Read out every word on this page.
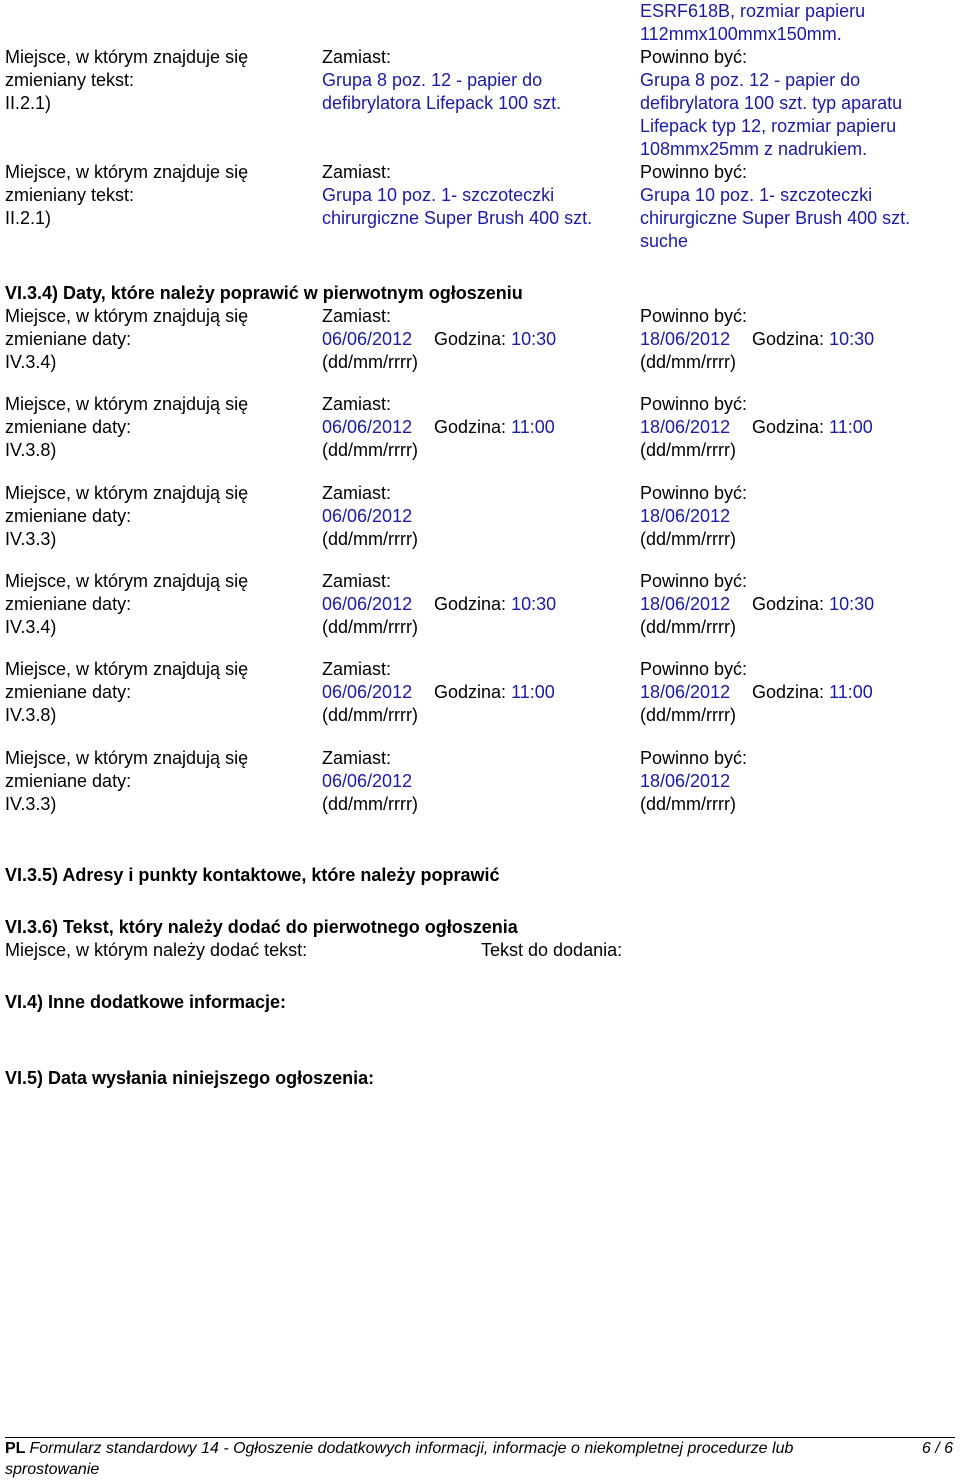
ESRF618B, rozmiar papieru
112mmx100mmx150mm.
Miejsce, w którym znajduje się
zmieniany tekst:
II.2.1)
Zamiast:
Grupa 8 poz. 12 - papier do
defibrylatora Lifepack 100 szt.
Powinno być:
Grupa 8 poz. 12 - papier do
defibrylatora 100 szt. typ aparatu
Lifepack typ 12, rozmiar papieru
108mmx25mm z nadrukiem.
Miejsce, w którym znajduje się
zmieniany tekst:
II.2.1)
Zamiast:
Grupa 10 poz. 1- szczoteczki
chirurgiczne Super Brush 400 szt.
Powinno być:
Grupa 10 poz. 1- szczoteczki
chirurgiczne Super Brush 400 szt.
suche
VI.3.4) Daty, które należy poprawić w pierwotnym ogłoszeniu
Miejsce, w którym znajdują się
zmieniane daty:
IV.3.4)
Zamiast:
06/06/2012 Godzina: 10:30
(dd/mm/rrrr)
Powinno być:
18/06/2012 Godzina: 10:30
(dd/mm/rrrr)
Miejsce, w którym znajdują się
zmieniane daty:
IV.3.8)
Zamiast:
06/06/2012 Godzina: 11:00
(dd/mm/rrrr)
Powinno być:
18/06/2012 Godzina: 11:00
(dd/mm/rrrr)
Miejsce, w którym znajdują się
zmieniane daty:
IV.3.3)
Zamiast:
06/06/2012
(dd/mm/rrrr)
Powinno być:
18/06/2012
(dd/mm/rrrr)
Miejsce, w którym znajdują się
zmieniane daty:
IV.3.4)
Zamiast:
06/06/2012 Godzina: 10:30
(dd/mm/rrrr)
Powinno być:
18/06/2012 Godzina: 10:30
(dd/mm/rrrr)
Miejsce, w którym znajdują się
zmieniane daty:
IV.3.8)
Zamiast:
06/06/2012 Godzina: 11:00
(dd/mm/rrrr)
Powinno być:
18/06/2012 Godzina: 11:00
(dd/mm/rrrr)
Miejsce, w którym znajdują się
zmieniane daty:
IV.3.3)
Zamiast:
06/06/2012
(dd/mm/rrrr)
Powinno być:
18/06/2012
(dd/mm/rrrr)
VI.3.5) Adresy i punkty kontaktowe, które należy poprawić
VI.3.6) Tekst, który należy dodać do pierwotnego ogłoszenia
Miejsce, w którym należy dodać tekst:	Tekst do dodania:
VI.4) Inne dodatkowe informacje:
VI.5) Data wysłania niniejszego ogłoszenia:
PL Formularz standardowy 14 - Ogłoszenie dodatkowych informacji, informacje o niekompletnej procedurze lub
sprostowanie
6 / 6
